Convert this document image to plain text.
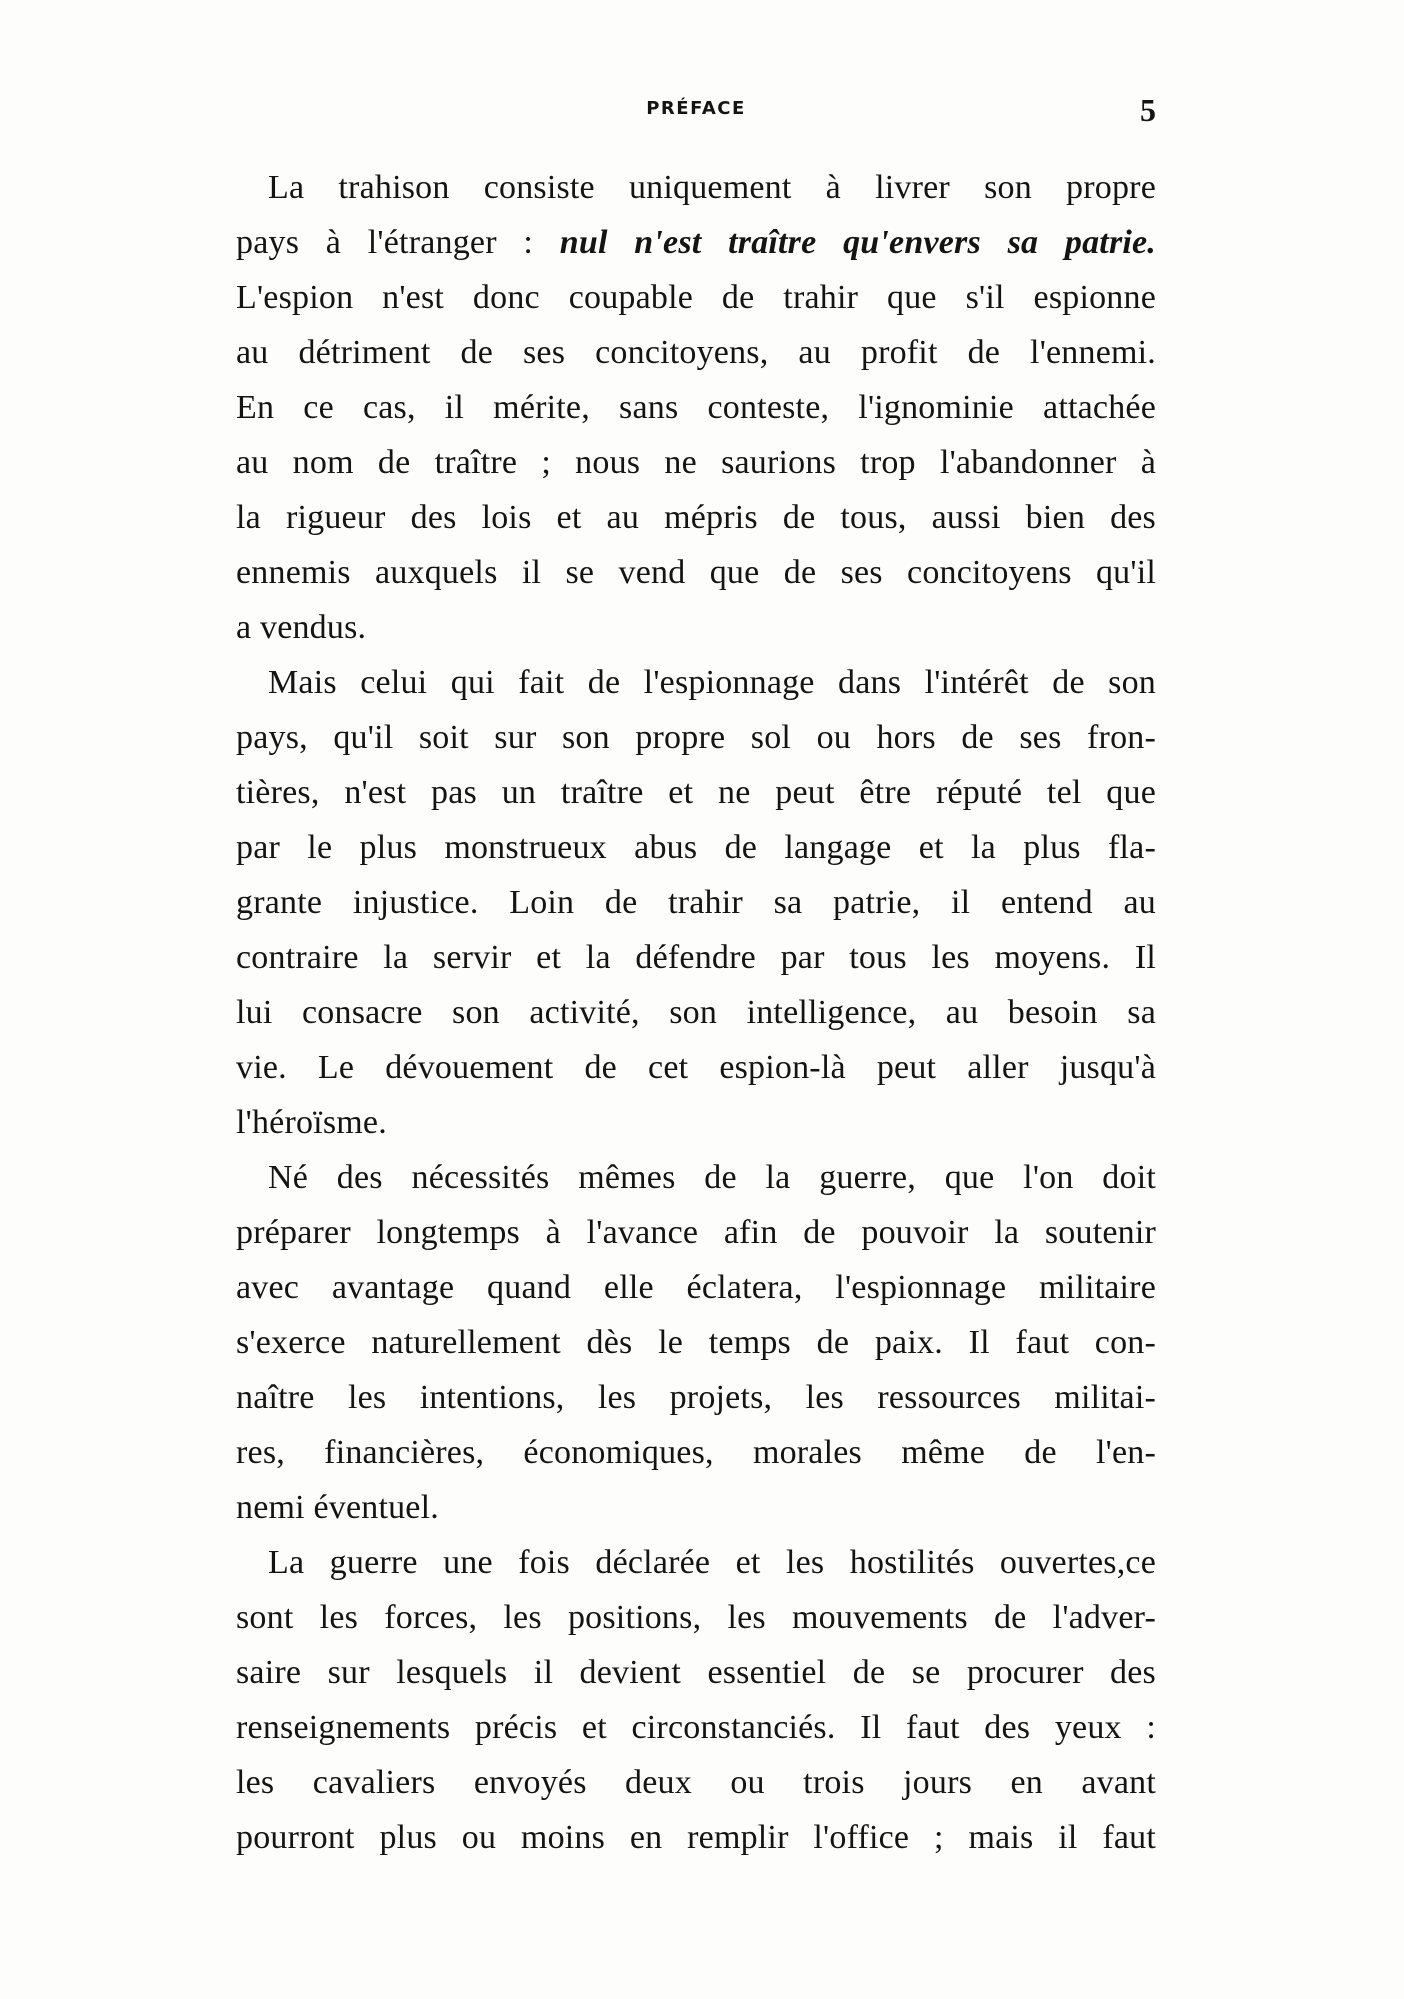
PRÉFACE	5
La trahison consiste uniquement à livrer son propre
pays à l'étranger : nul n'est traître qu'envers sa patrie.
L'espion n'est donc coupable de trahir que s'il espionne
au détriment de ses concitoyens, au profit de l'ennemi.
En ce cas, il mérite, sans conteste, l'ignominie attachée
au nom de traître ; nous ne saurions trop l'abandonner à
la rigueur des lois et au mépris de tous, aussi bien des
ennemis auxquels il se vend que de ses concitoyens qu'il
a vendus.
Mais celui qui fait de l'espionnage dans l'intérêt de son
pays, qu'il soit sur son propre sol ou hors de ses fron-
tières, n'est pas un traître et ne peut être réputé tel que
par le plus monstrueux abus de langage et la plus fla-
grante injustice. Loin de trahir sa patrie, il entend au
contraire la servir et la défendre par tous les moyens. Il
lui consacre son activité, son intelligence, au besoin sa
vie. Le dévouement de cet espion-là peut aller jusqu'à
l'héroïsme.
Né des nécessités mêmes de la guerre, que l'on doit
préparer longtemps à l'avance afin de pouvoir la soutenir
avec avantage quand elle éclatera, l'espionnage militaire
s'exerce naturellement dès le temps de paix. Il faut con-
naître les intentions, les projets, les ressources militai-
res, financières, économiques, morales même de l'en-
nemi éventuel.
La guerre une fois déclarée et les hostilités ouvertes,ce
sont les forces, les positions, les mouvements de l'adver-
saire sur lesquels il devient essentiel de se procurer des
renseignements précis et circonstanciés. Il faut des yeux :
les cavaliers envoyés deux ou trois jours en avant
pourront plus ou moins en remplir l'office ; mais il faut
